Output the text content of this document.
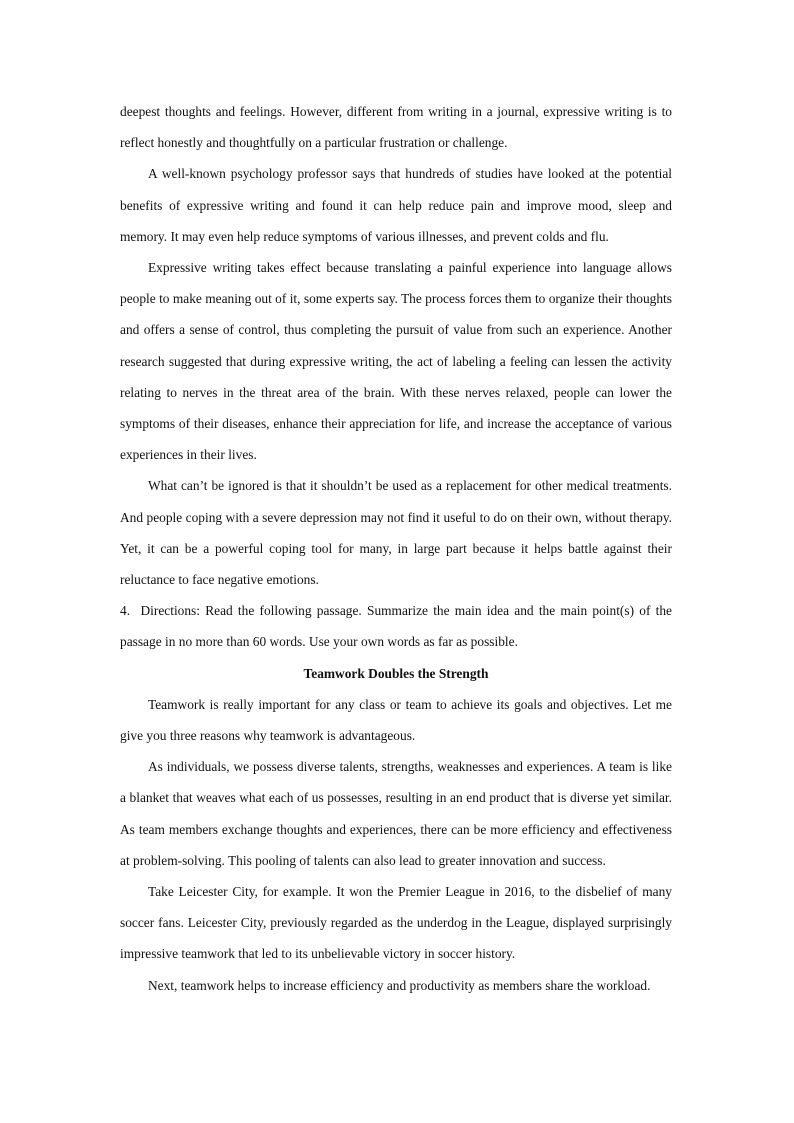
deepest thoughts and feelings. However, different from writing in a journal, expressive writing is to reflect honestly and thoughtfully on a particular frustration or challenge.

A well-known psychology professor says that hundreds of studies have looked at the potential benefits of expressive writing and found it can help reduce pain and improve mood, sleep and memory. It may even help reduce symptoms of various illnesses, and prevent colds and flu.

Expressive writing takes effect because translating a painful experience into language allows people to make meaning out of it, some experts say. The process forces them to organize their thoughts and offers a sense of control, thus completing the pursuit of value from such an experience. Another research suggested that during expressive writing, the act of labeling a feeling can lessen the activity relating to nerves in the threat area of the brain. With these nerves relaxed, people can lower the symptoms of their diseases, enhance their appreciation for life, and increase the acceptance of various experiences in their lives.

What can’t be ignored is that it shouldn’t be used as a replacement for other medical treatments. And people coping with a severe depression may not find it useful to do on their own, without therapy. Yet, it can be a powerful coping tool for many, in large part because it helps battle against their reluctance to face negative emotions.

4. Directions: Read the following passage. Summarize the main idea and the main point(s) of the passage in no more than 60 words. Use your own words as far as possible.

Teamwork Doubles the Strength

Teamwork is really important for any class or team to achieve its goals and objectives. Let me give you three reasons why teamwork is advantageous.

As individuals, we possess diverse talents, strengths, weaknesses and experiences. A team is like a blanket that weaves what each of us possesses, resulting in an end product that is diverse yet similar. As team members exchange thoughts and experiences, there can be more efficiency and effectiveness at problem-solving. This pooling of talents can also lead to greater innovation and success.

Take Leicester City, for example. It won the Premier League in 2016, to the disbelief of many soccer fans. Leicester City, previously regarded as the underdog in the League, displayed surprisingly impressive teamwork that led to its unbelievable victory in soccer history.

Next, teamwork helps to increase efficiency and productivity as members share the workload.
